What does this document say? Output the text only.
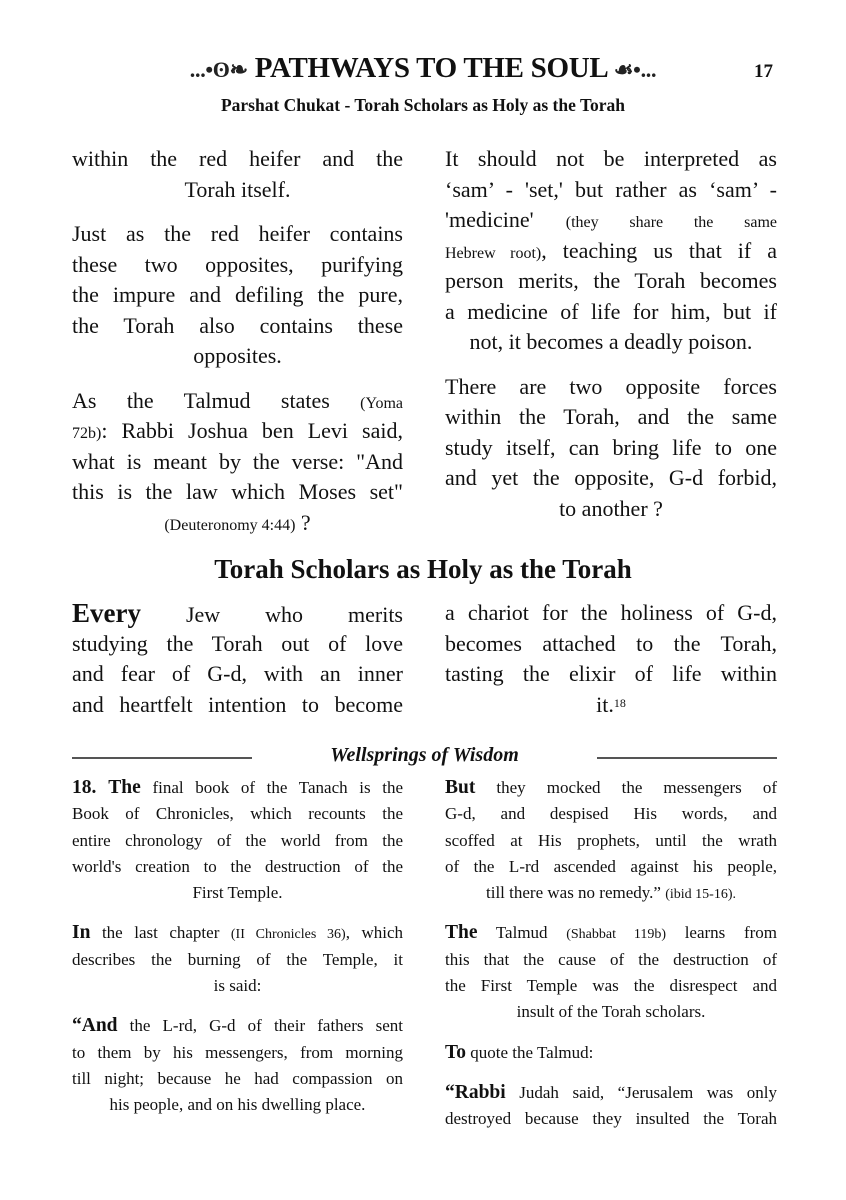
...•ʘ❧ PATHWAYS TO THE SOUL ☙•...	17
Parshat Chukat - Torah Scholars as Holy as the Torah
within the red heifer and the
Torah itself.
Just as the red heifer contains
these two opposites, purifying
the impure and defiling the pure,
the Torah also contains these
opposites.
As the Talmud states (Yoma
72b): Rabbi Joshua ben Levi said,
what is meant by the verse: "And
this is the law which Moses set"
(Deuteronomy 4:44) ?
It should not be interpreted as
‘sam’ - 'set,' but rather as ‘sam’ -
'medicine' (they share the same
Hebrew root), teaching us that if a
person merits, the Torah becomes
a medicine of life for him, but if
not, it becomes a deadly poison.
There are two opposite forces
within the Torah, and the same
study itself, can bring life to one
and yet the opposite, G-d forbid,
to another ?
Torah Scholars as Holy as the Torah
Every Jew who merits
studying the Torah out of love
and fear of G-d, with an inner
and heartfelt intention to become
a chariot for the holiness of G-d,
becomes attached to the Torah,
tasting the elixir of life within
it.$^{18}$
Wellsprings of Wisdom
18. The final book of the Tanach is the
Book of Chronicles, which recounts the
entire chronology of the world from the
world's creation to the destruction of the
First Temple.
In the last chapter (II Chronicles 36), which
describes the burning of the Temple, it
is said:
“And the L-rd, G-d of their fathers sent
to them by his messengers, from morning
till night; because he had compassion on
his people, and on his dwelling place.
But they mocked the messengers of
G-d, and despised His words, and
scoffed at His prophets, until the wrath
of the L-rd ascended against his people,
till there was no remedy.” (ibid 15-16).
The Talmud (Shabbat 119b) learns from
this that the cause of the destruction of
the First Temple was the disrespect and
insult of the Torah scholars.
To quote the Talmud:
“Rabbi Judah said, “Jerusalem was only
destroyed because they insulted the Torah
